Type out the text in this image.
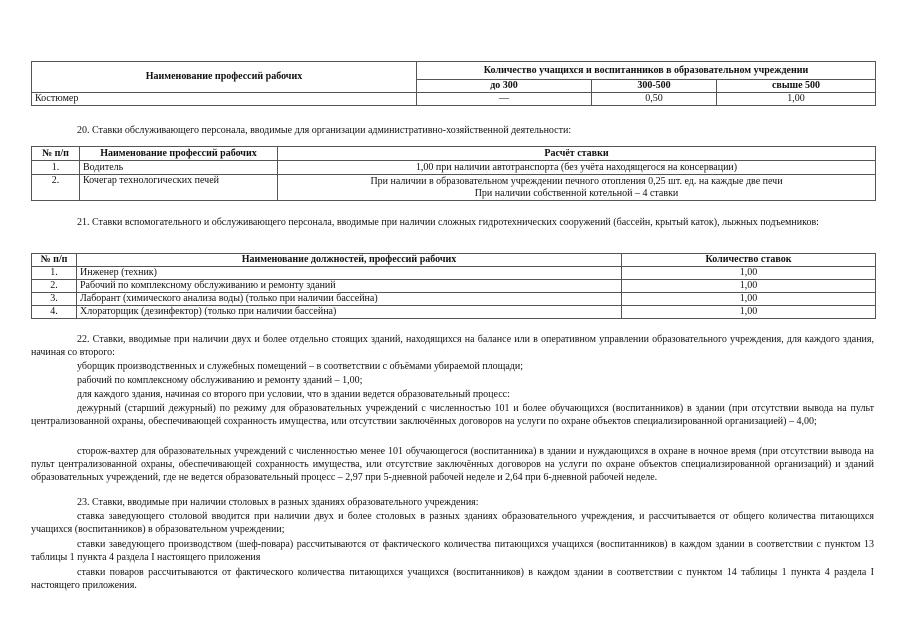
Наименование профессий рабочих	Количество учащихся и воспитанников в образовательном учреждении		
	до 300	300-500	свыше 500
Костюмер	—	0,50	1,00

20. Ставки обслуживающего персонала, вводимые для организации административно-хозяйственной деятельности:

№ п/п	Наименование профессий рабочих	Расчёт ставки
1.	Водитель	1,00 при наличии автотранспорта (без учёта находящегося на консервации)
2.	Кочегар технологических печей	При наличии в образовательном учреждении печного отопления 0,25 шт. ед. на каждые две печи
При наличии собственной котельной – 4 ставки

21. Ставки вспомогательного и обслуживающего персонала, вводимые при наличии сложных гидротехнических сооружений (бассейн, крытый каток), лыжных подъемников:

№ п/п	Наименование должностей, профессий рабочих	Количество ставок
1.	Инженер (техник)	1,00
2.	Рабочий по комплексному обслуживанию и ремонту зданий	1,00
3.	Лаборант (химического анализа воды) (только при наличии бассейна)	1,00
4.	Хлораторщик (дезинфектор) (только при наличии бассейна)	1,00

22. Ставки, вводимые при наличии двух и более отдельно стоящих зданий, находящихся на балансе или в оперативном управлении образовательного учреждения, для каждого здания, начиная со второго:

уборщик производственных и служебных помещений – в соответствии с объёмами убираемой площади;

рабочий по комплексному обслуживанию и ремонту зданий – 1,00;

для каждого здания, начиная со второго при условии, что в здании ведется образовательный процесс:

дежурный (старший дежурный) по режиму для образовательных учреждений с численностью 101 и более обучающихся (воспитанников) в здании (при отсутствии вывода на пульт централизованной охраны, обеспечивающей сохранность имущества, или отсутствии заключённых договоров на услуги по охране объектов специализированной организацией) – 4,00;

сторож-вахтер для образовательных учреждений с численностью менее 101 обучающегося (воспитанника) в здании и нуждающихся в охране в ночное время (при отсутствии вывода на пульт централизованной охраны, обеспечивающей сохранность имущества, или отсутствие заключённых договоров на услуги по охране объектов специализированной организаций) и зданий образовательных учреждений, где не ведется образовательный процесс – 2,97 при 5-дневной рабочей неделе и 2,64 при 6-дневной рабочей неделе.

23. Ставки, вводимые при наличии столовых в разных зданиях образовательного учреждения:

ставка заведующего столовой вводится при наличии двух и более столовых в разных зданиях образовательного учреждения, и рассчитывается от общего количества питающихся учащихся (воспитанников) в образовательном учреждении;

ставки заведующего производством (шеф-повара) рассчитываются от фактического количества питающихся учащихся (воспитанников) в каждом здании в соответствии с пунктом 13 таблицы 1 пункта 4 раздела I настоящего приложения

ставки поваров рассчитываются от фактического количества питающихся учащихся (воспитанников) в каждом здании в соответствии с пунктом 14 таблицы 1 пункта 4 раздела I настоящего приложения.
